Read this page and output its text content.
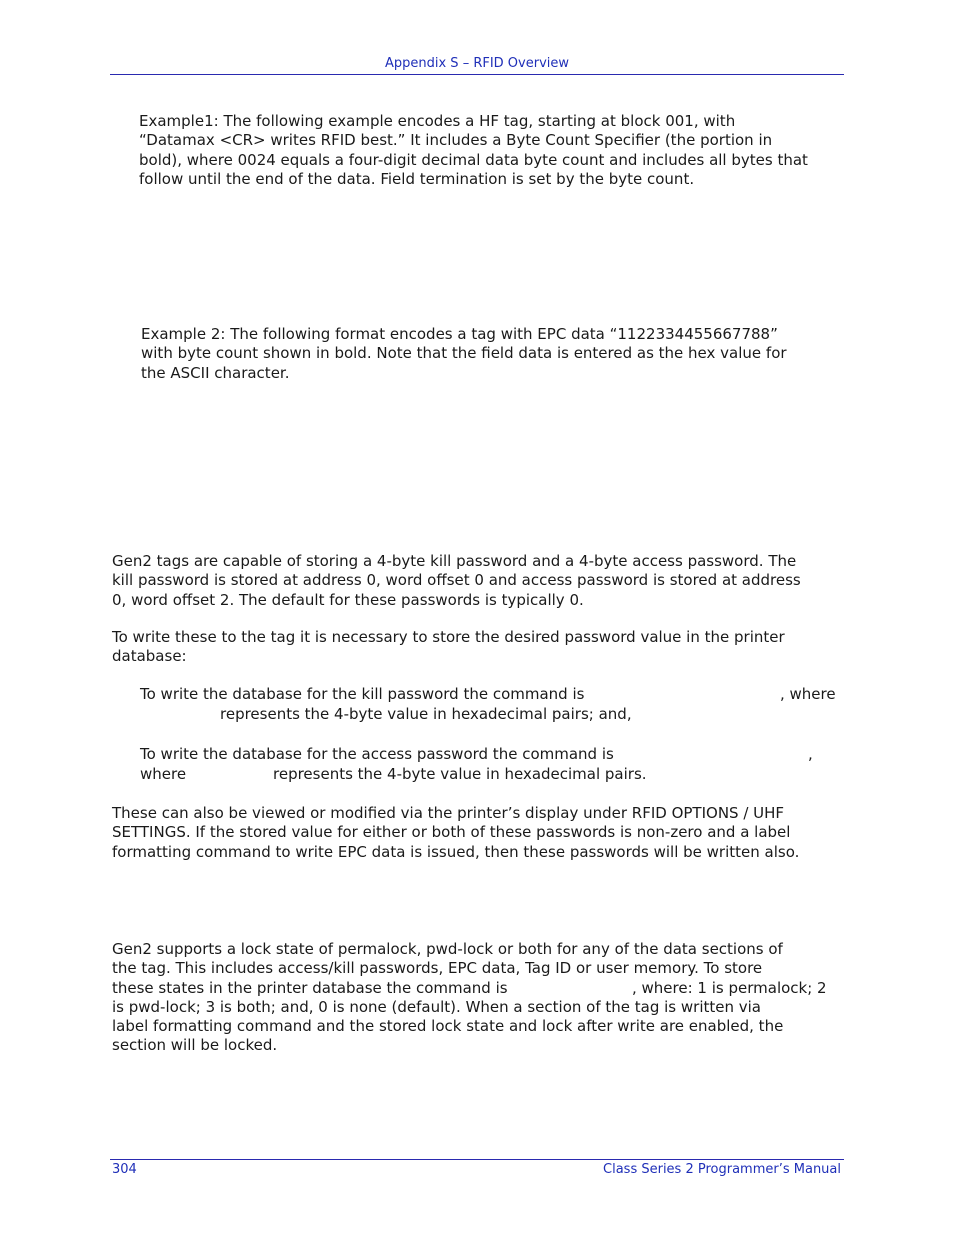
Appendix S – RFID Overview
Example1: The following example encodes a HF tag, starting at block 001, with
“Datamax <CR> writes RFID best.” It includes a Byte Count Specifier (the portion in
bold), where 0024 equals a four-digit decimal data byte count and includes all bytes that
follow until the end of the data. Field termination is set by the byte count.
Example 2: The following format encodes a tag with EPC data “1122334455667788”
with byte count shown in bold. Note that the field data is entered as the hex value for
the ASCII character.
Gen2 tags are capable of storing a 4-byte kill password and a 4-byte access password. The
kill password is stored at address 0, word offset 0 and access password is stored at address
0, word offset 2. The default for these passwords is typically 0.
To write these to the tag it is necessary to store the desired password value in the printer
database:
To write the database for the kill password the command is	, where
represents the 4-byte value in hexadecimal pairs; and,
To write the database for the access password the command is	,
where	represents the 4-byte value in hexadecimal pairs.
These can also be viewed or modified via the printer’s display under RFID OPTIONS / UHF
SETTINGS. If the stored value for either or both of these passwords is non-zero and a label
formatting command to write EPC data is issued, then these passwords will be written also.
Gen2 supports a lock state of permalock, pwd-lock or both for any of the data sections of
the tag. This includes access/kill passwords, EPC data, Tag ID or user memory. To store
these states in the printer database the command is	, where: 1 is permalock; 2
is pwd-lock; 3 is both; and, 0 is none (default). When a section of the tag is written via
label formatting command and the stored lock state and lock after write are enabled, the
section will be locked.
304	Class Series 2 Programmer’s Manual
